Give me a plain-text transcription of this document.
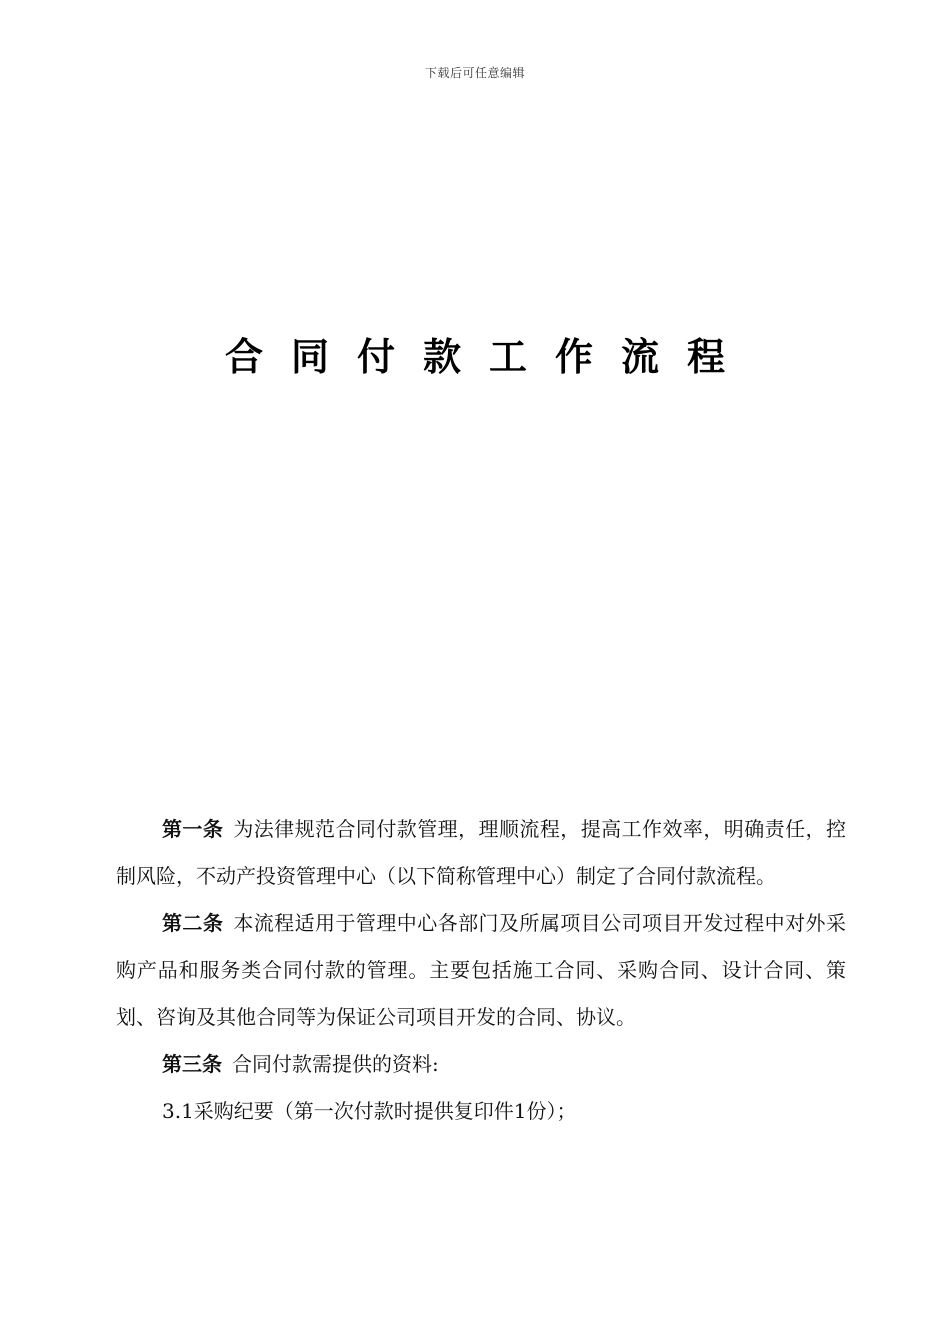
下载后可任意编辑
合同付款工作流程

第一条 为法律规范合同付款管理，理顺流程，提高工作效率，明确责任，控制风险，不动产投资管理中心（以下简称管理中心）制定了合同付款流程。

第二条 本流程适用于管理中心各部门及所属项目公司项目开发过程中对外采购产品和服务类合同付款的管理。主要包括施工合同、采购合同、设计合同、策划、咨询及其他合同等为保证公司项目开发的合同、协议。

第三条 合同付款需提供的资料:

3.1采购纪要（第一次付款时提供复印件1份）；
